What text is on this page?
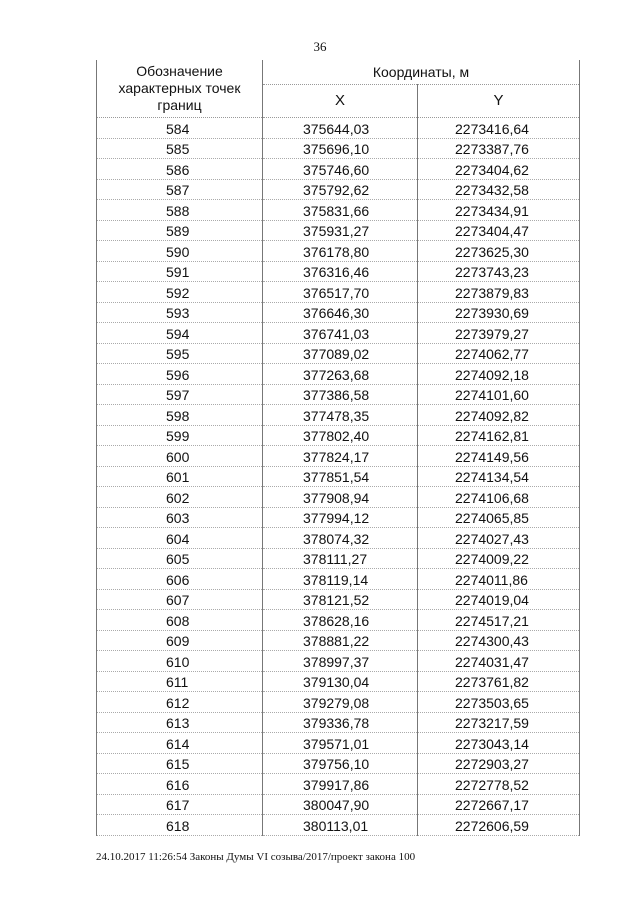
36
Обозначение характерных точек границ	Координаты, м	
	X	Y
584	375644,03	2273416,64
585	375696,10	2273387,76
586	375746,60	2273404,62
587	375792,62	2273432,58
588	375831,66	2273434,91
589	375931,27	2273404,47
590	376178,80	2273625,30
591	376316,46	2273743,23
592	376517,70	2273879,83
593	376646,30	2273930,69
594	376741,03	2273979,27
595	377089,02	2274062,77
596	377263,68	2274092,18
597	377386,58	2274101,60
598	377478,35	2274092,82
599	377802,40	2274162,81
600	377824,17	2274149,56
601	377851,54	2274134,54
602	377908,94	2274106,68
603	377994,12	2274065,85
604	378074,32	2274027,43
605	378111,27	2274009,22
606	378119,14	2274011,86
607	378121,52	2274019,04
608	378628,16	2274517,21
609	378881,22	2274300,43
610	378997,37	2274031,47
611	379130,04	2273761,82
612	379279,08	2273503,65
613	379336,78	2273217,59
614	379571,01	2273043,14
615	379756,10	2272903,27
616	379917,86	2272778,52
617	380047,90	2272667,17
618	380113,01	2272606,59
24.10.2017 11:26:54 Законы Думы VI созыва/2017/проект закона 100
